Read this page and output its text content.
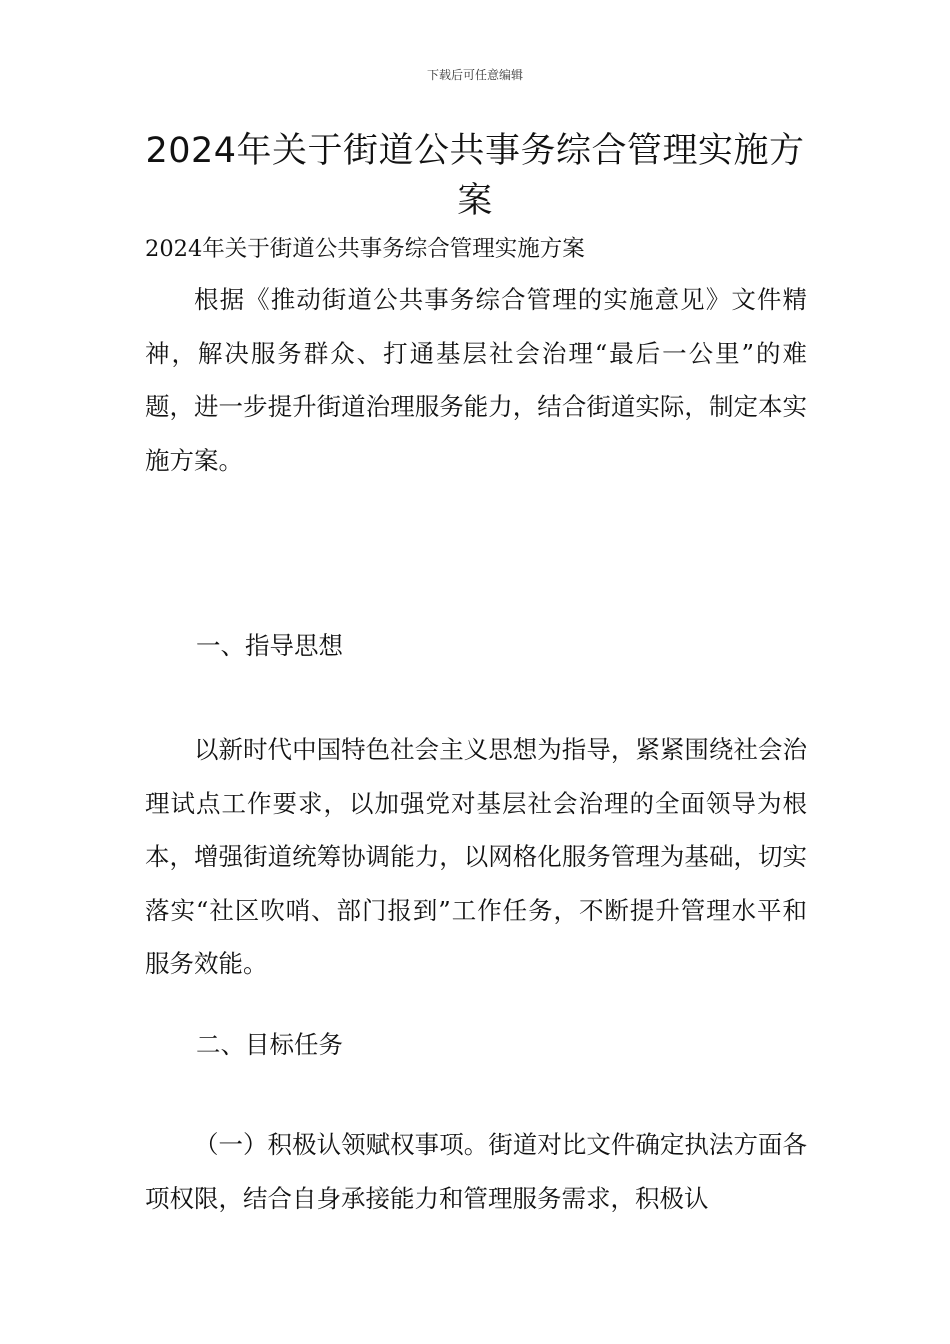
下载后可任意编辑
2024年关于街道公共事务综合管理实施方案

2024年关于街道公共事务综合管理实施方案

根据《推动街道公共事务综合管理的实施意见》文件精神，解决服务群众、打通基层社会治理“最后一公里”的难题，进一步提升街道治理服务能力，结合街道实际，制定本实施方案。

一、指导思想

以新时代中国特色社会主义思想为指导，紧紧围绕社会治理试点工作要求，以加强党对基层社会治理的全面领导为根本，增强街道统筹协调能力，以网格化服务管理为基础，切实落实“社区吹哨、部门报到”工作任务，不断提升管理水平和服务效能。

二、目标任务

（一）积极认领赋权事项。街道对比文件确定执法方面各项权限，结合自身承接能力和管理服务需求，积极认
